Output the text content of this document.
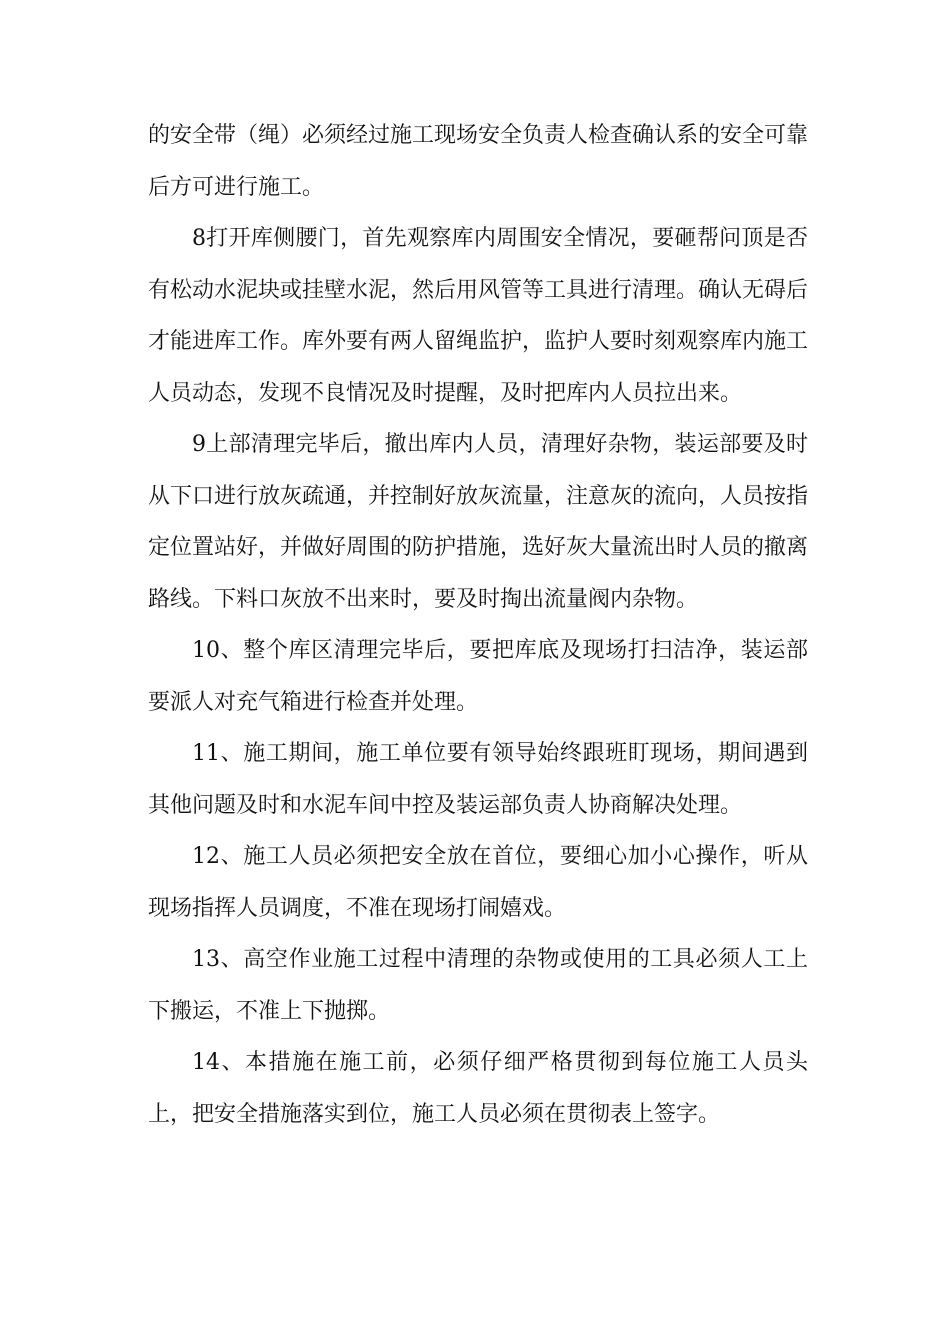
的安全带（绳）必须经过施工现场安全负责人检查确认系的安全可靠后方可进行施工。

8打开库侧腰门，首先观察库内周围安全情况，要砸帮问顶是否有松动水泥块或挂壁水泥，然后用风管等工具进行清理。确认无碍后才能进库工作。库外要有两人留绳监护，监护人要时刻观察库内施工人员动态，发现不良情况及时提醒，及时把库内人员拉出来。

9上部清理完毕后，撤出库内人员，清理好杂物，装运部要及时从下口进行放灰疏通，并控制好放灰流量，注意灰的流向，人员按指定位置站好，并做好周围的防护措施，选好灰大量流出时人员的撤离路线。下料口灰放不出来时，要及时掏出流量阀内杂物。

10、整个库区清理完毕后，要把库底及现场打扫洁净，装运部要派人对充气箱进行检查并处理。

11、施工期间，施工单位要有领导始终跟班盯现场，期间遇到其他问题及时和水泥车间中控及装运部负责人协商解决处理。

12、施工人员必须把安全放在首位，要细心加小心操作，听从现场指挥人员调度，不准在现场打闹嬉戏。

13、高空作业施工过程中清理的杂物或使用的工具必须人工上下搬运，不准上下抛掷。

14、本措施在施工前，必须仔细严格贯彻到每位施工人员头上，把安全措施落实到位，施工人员必须在贯彻表上签字。
